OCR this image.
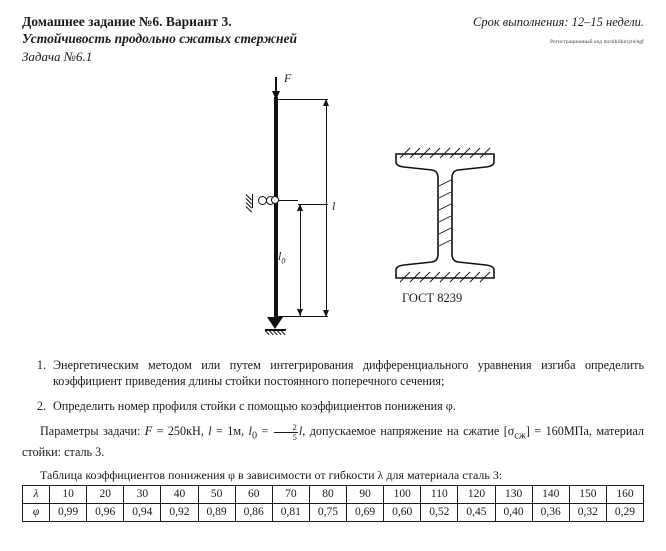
Домашнее задание №6. Вариант 3.
Устойчивость продольно сжатых стержней
Задача №6.1
Срок выполнения: 12–15 недели.
Регистрационный код mcnlbliknrjzwbgf
F
l
$l_0$
ГОСТ 8239
1. Энергетическим методом или путем интегрирования дифференциального уравнения изгиба определить коэффициент приведения длины стойки постоянного поперечного сечения;
2. Определить номер профиля стойки с помощью коэффициентов понижения φ.
Параметры задачи: F = 250кН, l = 1м, $l_0 = \frac{2}{5} l$, допускаемое напряжение на сжатие $[\sigma_{сж}] = 160МПа$, материал стойки: сталь 3.
Таблица коэффициентов понижения φ в зависимости от гибкости λ для материала сталь 3:
λ	10	20	30	40	50	60	70	80	90	100	110	120	130	140	150	160
φ	0,99	0,96	0,94	0,92	0,89	0,86	0,81	0,75	0,69	0,60	0,52	0,45	0,40	0,36	0,32	0,29
